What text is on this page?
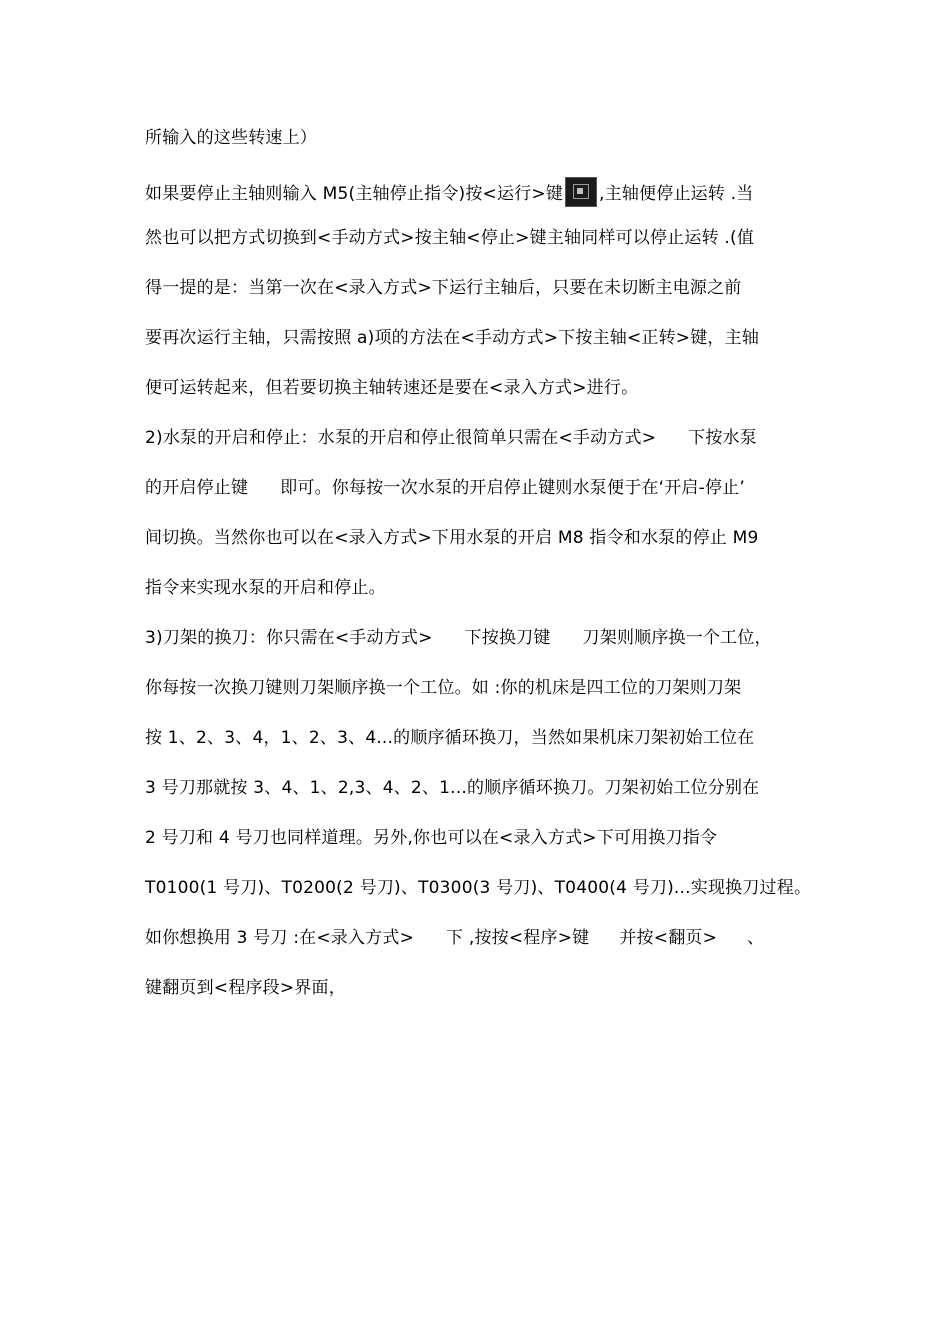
所输入的这些转速上）
如果要停止主轴则输入 M5(主轴停止指令)按<运行>键 ,主轴便停止运转 .当
然也可以把方式切换到<手动方式>按主轴<停止>键主轴同样可以停止运转 .(值
得一提的是：当第一次在<录入方式>下运行主轴后，只要在未切断主电源之前
要再次运行主轴，只需按照 a)项的方法在<手动方式>下按主轴<正转>键，主轴
便可运转起来，但若要切换主轴转速还是要在<录入方式>进行。
2)水泵的开启和停止：水泵的开启和停止很简单只需在<手动方式> 下按水泵
的开启停止键 即可。你每按一次水泵的开启停止键则水泵便于在‘开启-停止’
间切换。当然你也可以在<录入方式>下用水泵的开启 M8 指令和水泵的停止 M9
指令来实现水泵的开启和停止。
3)刀架的换刀：你只需在<手动方式> 下按换刀键 刀架则顺序换一个工位，
你每按一次换刀键则刀架顺序换一个工位。如 :你的机床是四工位的刀架则刀架
按 1、2、3、4，1、2、3、4...的顺序循环换刀，当然如果机床刀架初始工位在
3 号刀那就按 3、4、1、2,3、4、2、1...的顺序循环换刀。刀架初始工位分别在
2 号刀和 4 号刀也同样道理。另外,你也可以在<录入方式>下可用换刀指令
T0100(1 号刀)、T0200(2 号刀)、T0300(3 号刀)、T0400(4 号刀)...实现换刀过程。
如你想换用 3 号刀 :在<录入方式> 下 ,按按<程序>键 并按<翻页> 、
键翻页到<程序段>界面，
